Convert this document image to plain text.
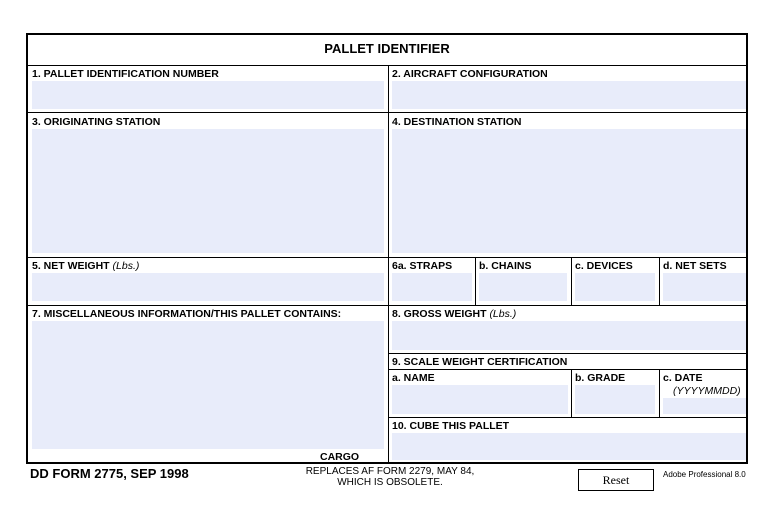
PALLET IDENTIFIER
1. PALLET IDENTIFICATION NUMBER	2. AIRCRAFT CONFIGURATION
3. ORIGINATING STATION	4. DESTINATION STATION
5. NET WEIGHT (Lbs.)	6a. STRAPS	b. CHAINS	c. DEVICES	d. NET SETS
7. MISCELLANEOUS INFORMATION/THIS PALLET CONTAINS:
CARGO
8. GROSS WEIGHT (Lbs.)
9. SCALE WEIGHT CERTIFICATION
a. NAME	b. GRADE	c. DATE
(YYYYMMDD)
10. CUBE THIS PALLET
DD FORM 2775, SEP 1998	REPLACES AF FORM 2279, MAY 84,
WHICH IS OBSOLETE.	Reset	Adobe Professional 8.0
